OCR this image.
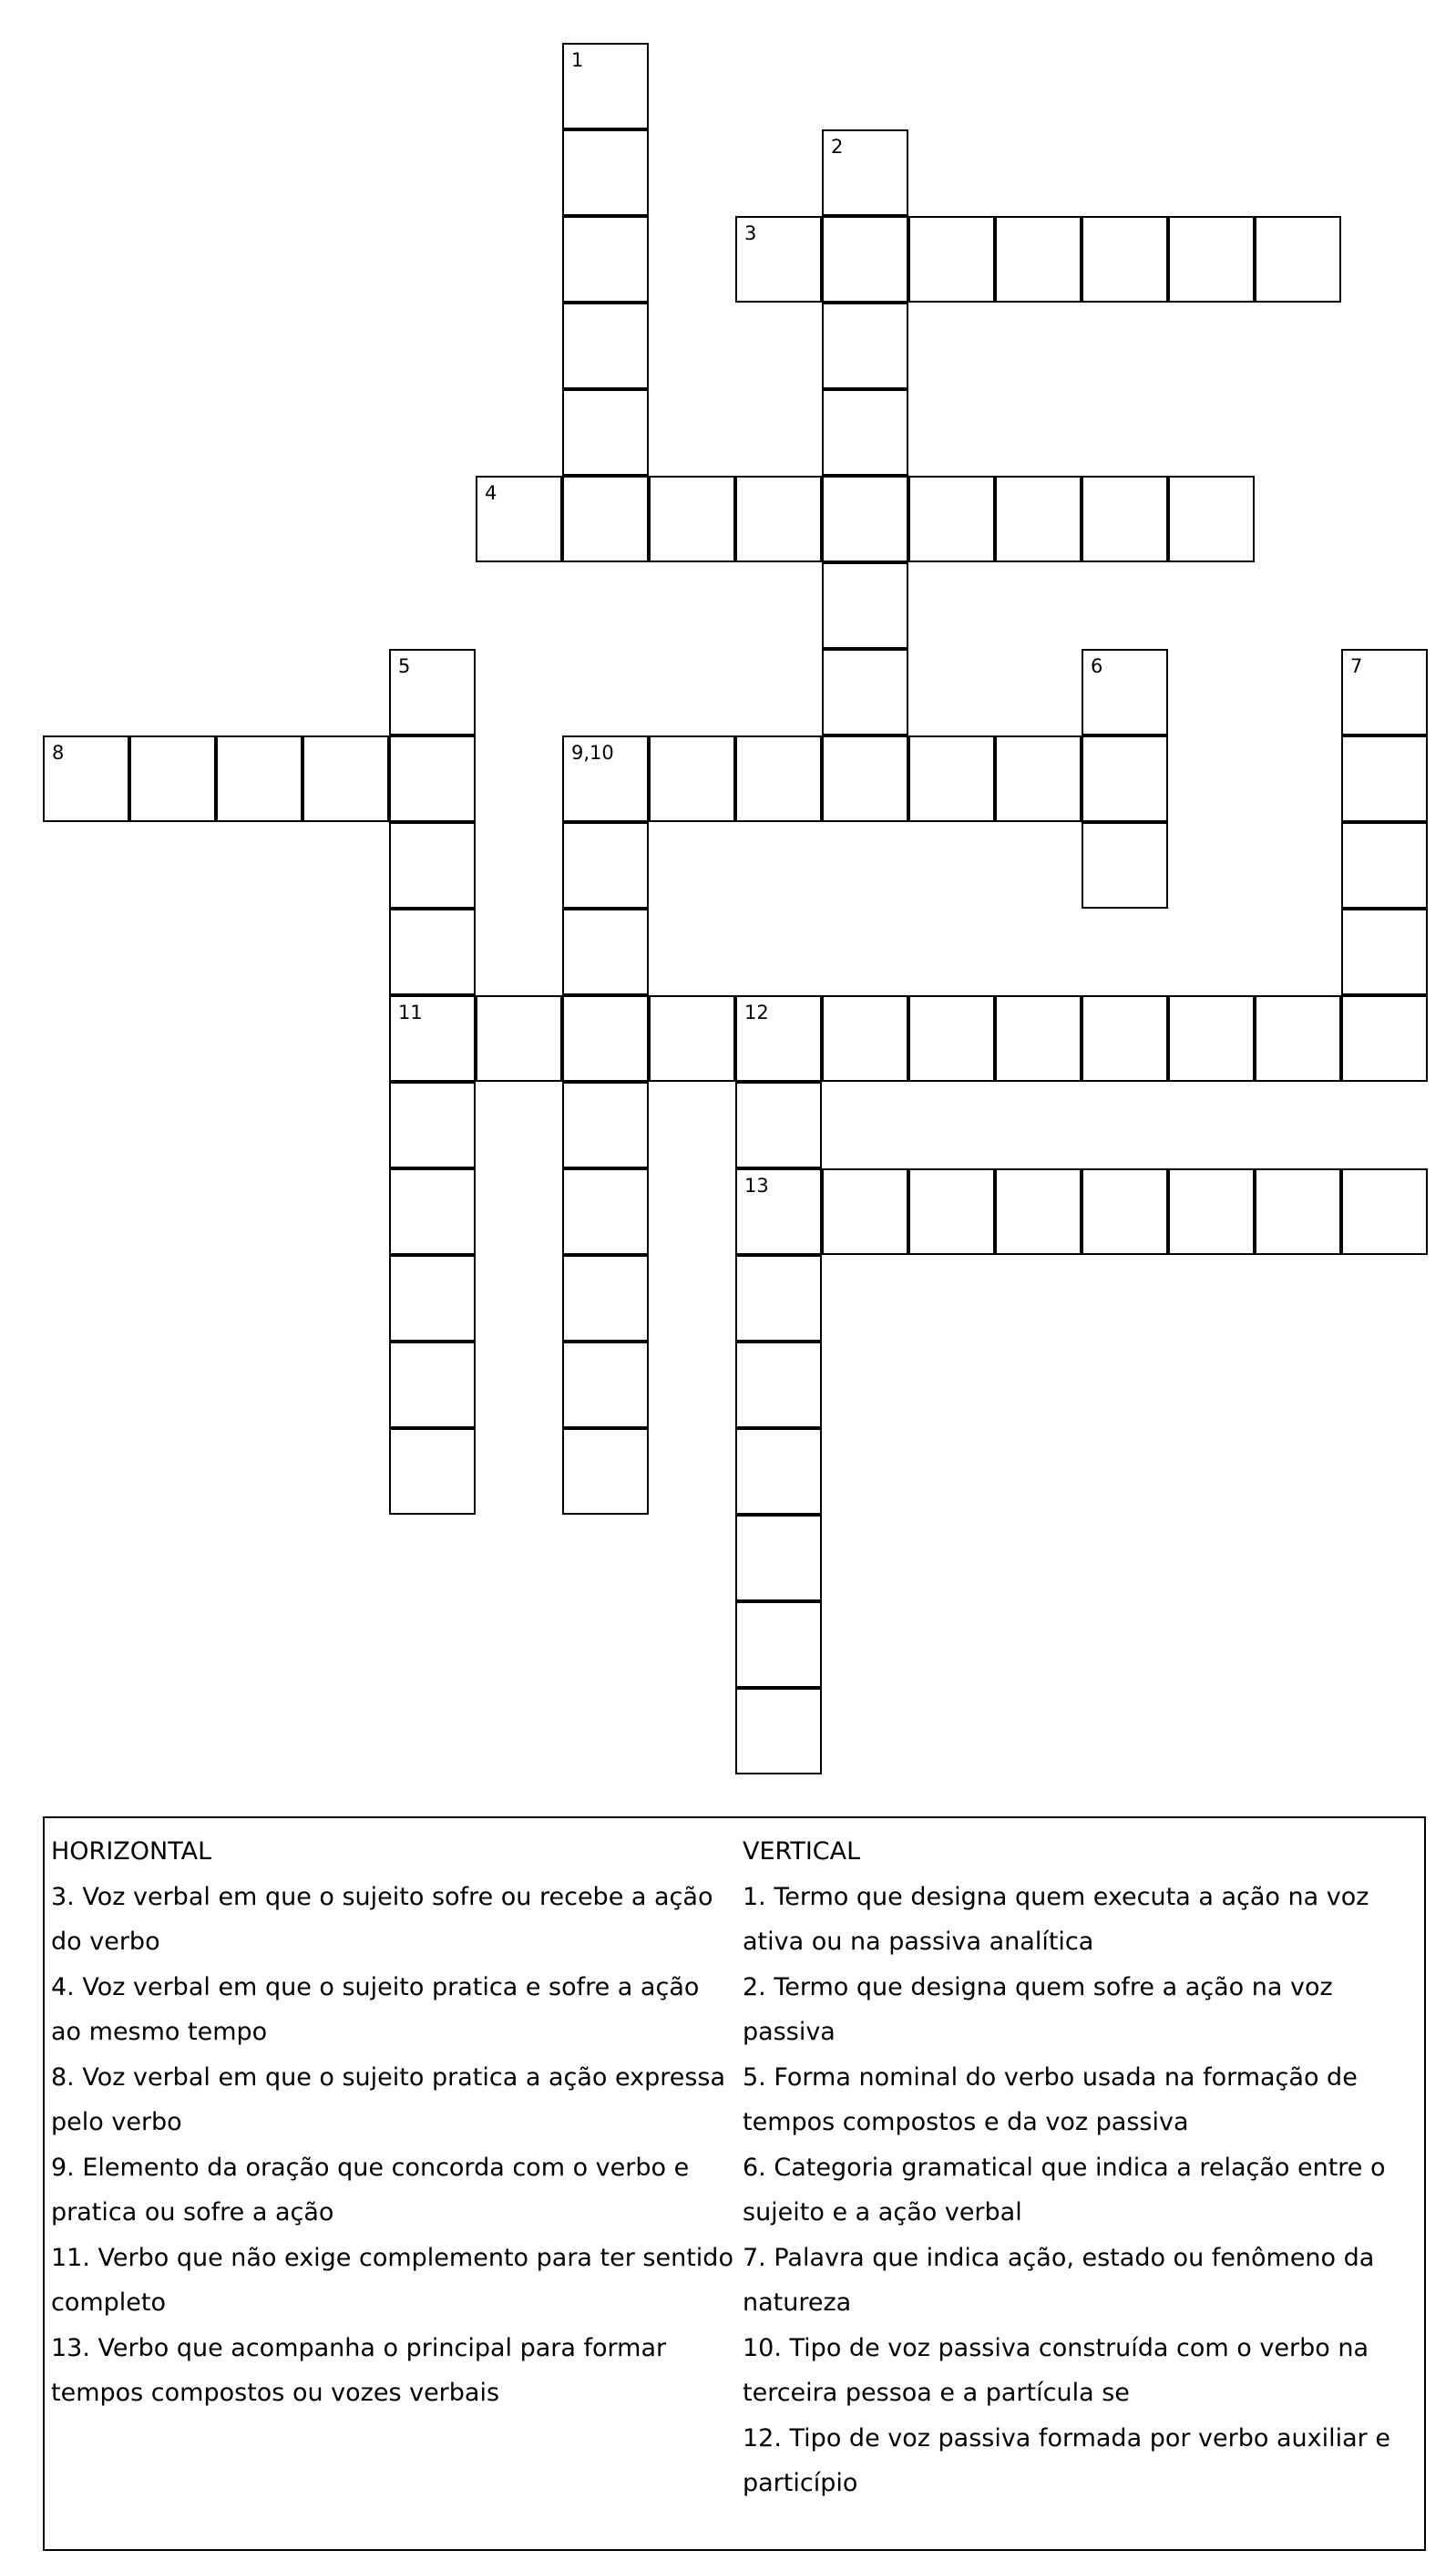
1
2
3
4
5
11
6	7
8	9,10
12
13
HORIZONTAL
3. Voz verbal em que o sujeito sofre ou recebe a ação
do verbo
4. Voz verbal em que o sujeito pratica e sofre a ação
ao mesmo tempo
8. Voz verbal em que o sujeito pratica a ação expressa
pelo verbo
9. Elemento da oração que concorda com o verbo e
pratica ou sofre a ação
11. Verbo que não exige complemento para ter sentido
completo
13. Verbo que acompanha o principal para formar
tempos compostos ou vozes verbais
VERTICAL
1. Termo que designa quem executa a ação na voz
ativa ou na passiva analítica
2. Termo que designa quem sofre a ação na voz
passiva
5. Forma nominal do verbo usada na formação de
tempos compostos e da voz passiva
6. Categoria gramatical que indica a relação entre o
sujeito e a ação verbal
7. Palavra que indica ação, estado ou fenômeno da
natureza
10. Tipo de voz passiva construída com o verbo na
terceira pessoa e a partícula se
12. Tipo de voz passiva formada por verbo auxiliar e
particípio
